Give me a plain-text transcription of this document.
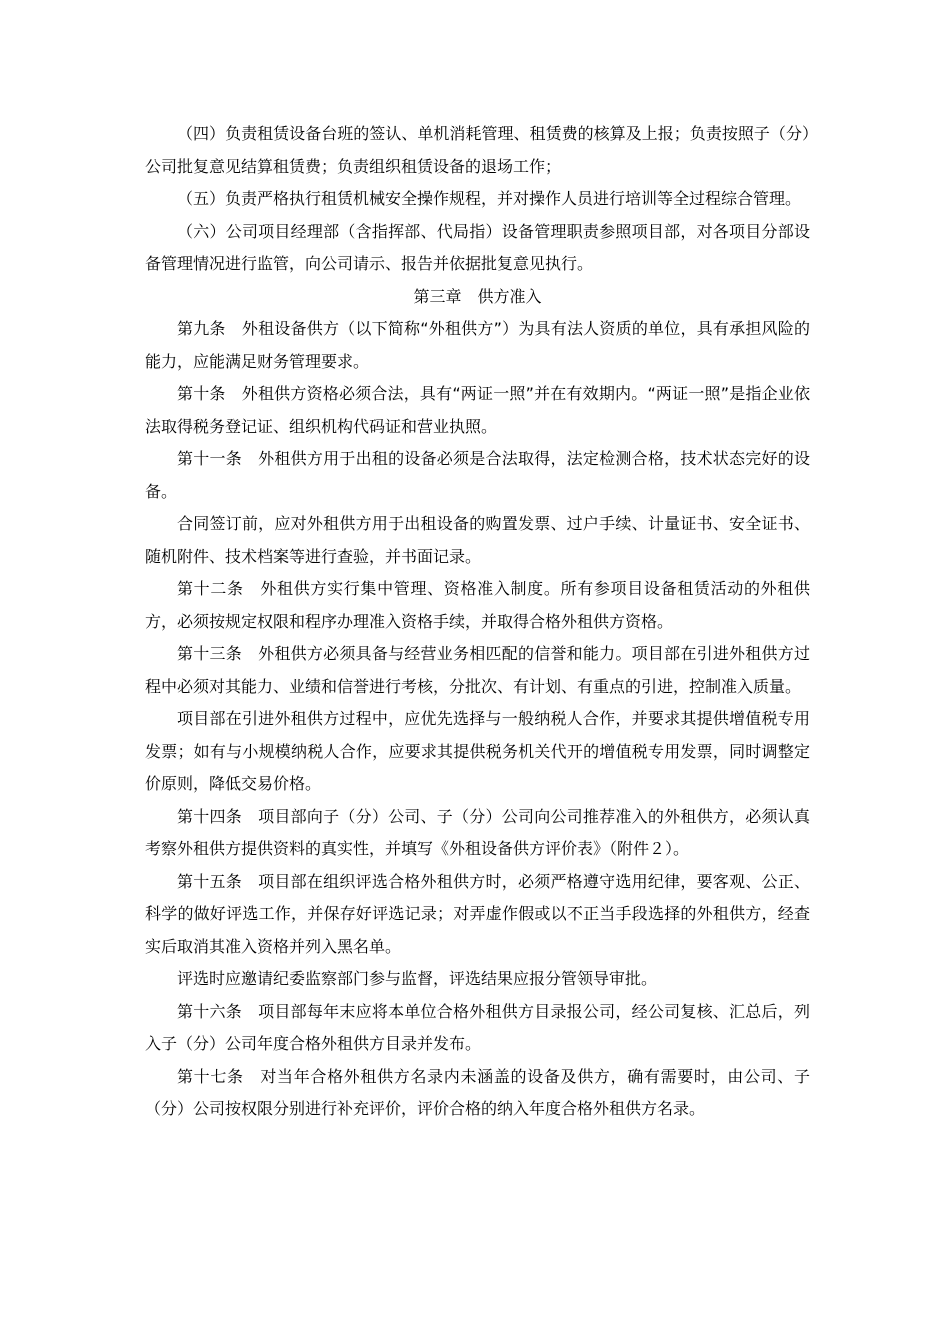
（四）负责租赁设备台班的签认、单机消耗管理、租赁费的核算及上报；负责按照子（分）公司批复意见结算租赁费；负责组织租赁设备的退场工作；

（五）负责严格执行租赁机械安全操作规程，并对操作人员进行培训等全过程综合管理。

（六）公司项目经理部（含指挥部、代局指）设备管理职责参照项目部，对各项目分部设备管理情况进行监管，向公司请示、报告并依据批复意见执行。

第三章　供方准入

第九条　外租设备供方（以下简称“外租供方”）为具有法人资质的单位，具有承担风险的能力，应能满足财务管理要求。

第十条　外租供方资格必须合法，具有“两证一照”并在有效期内。“两证一照”是指企业依法取得税务登记证、组织机构代码证和营业执照。

第十一条　外租供方用于出租的设备必须是合法取得，法定检测合格，技术状态完好的设备。

合同签订前，应对外租供方用于出租设备的购置发票、过户手续、计量证书、安全证书、随机附件、技术档案等进行查验，并书面记录。

第十二条　外租供方实行集中管理、资格准入制度。所有参项目设备租赁活动的外租供方，必须按规定权限和程序办理准入资格手续，并取得合格外租供方资格。

第十三条　外租供方必须具备与经营业务相匹配的信誉和能力。项目部在引进外租供方过程中必须对其能力、业绩和信誉进行考核，分批次、有计划、有重点的引进，控制准入质量。

项目部在引进外租供方过程中，应优先选择与一般纳税人合作，并要求其提供增值税专用发票；如有与小规模纳税人合作，应要求其提供税务机关代开的增值税专用发票，同时调整定价原则，降低交易价格。

第十四条　项目部向子（分）公司、子（分）公司向公司推荐准入的外租供方，必须认真考察外租供方提供资料的真实性，并填写《外租设备供方评价表》（附件２）。

第十五条　项目部在组织评选合格外租供方时，必须严格遵守选用纪律，要客观、公正、科学的做好评选工作，并保存好评选记录；对弄虚作假或以不正当手段选择的外租供方，经查实后取消其准入资格并列入黑名单。

评选时应邀请纪委监察部门参与监督，评选结果应报分管领导审批。

第十六条　项目部每年末应将本单位合格外租供方目录报公司，经公司复核、汇总后，列入子（分）公司年度合格外租供方目录并发布。

第十七条　对当年合格外租供方名录内未涵盖的设备及供方，确有需要时，由公司、子（分）公司按权限分别进行补充评价，评价合格的纳入年度合格外租供方名录。
